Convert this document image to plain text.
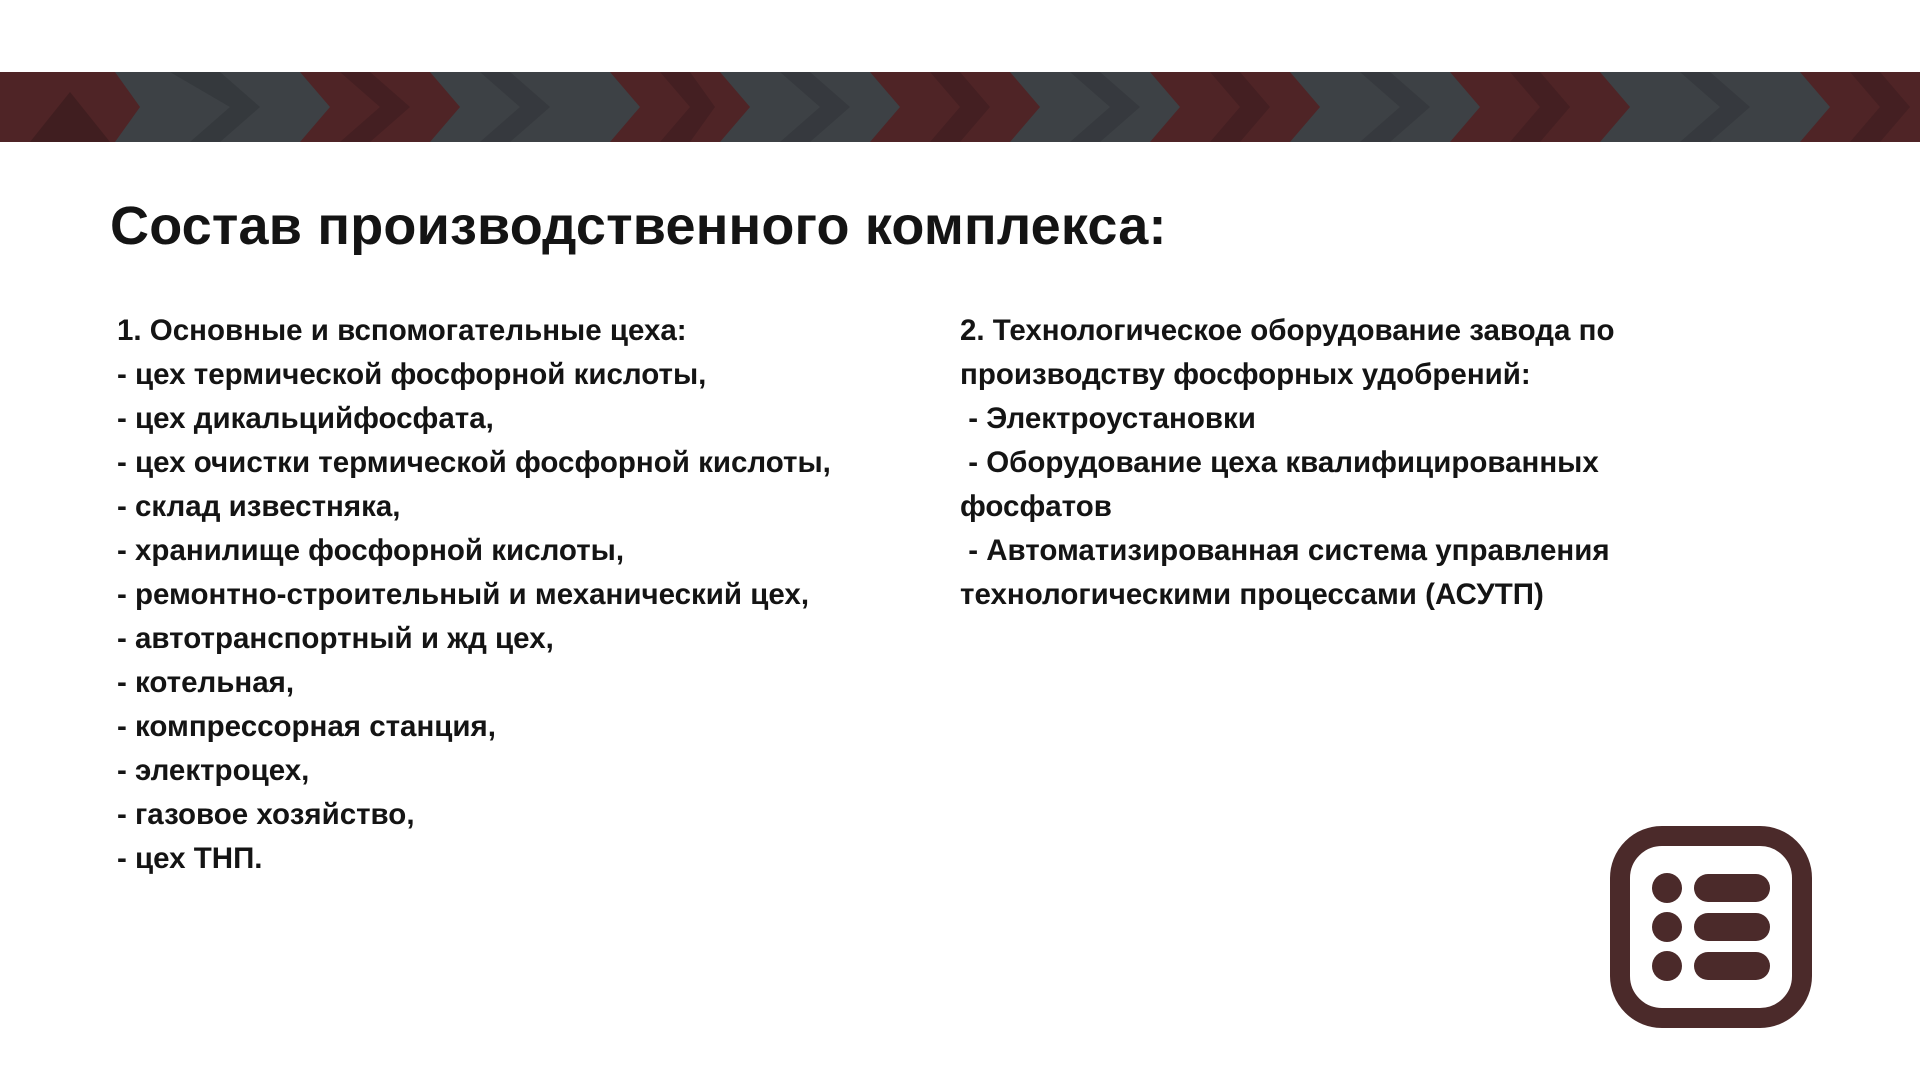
Состав производственного комплекса:
1. Основные и вспомогательные цеха:
- цех термической фосфорной кислоты,
- цех дикальцийфосфата,
- цех очистки термической фосфорной кислоты,
- склад известняка,
- хранилище фосфорной кислоты,
- ремонтно-строительный и механический цех,
- автотранспортный и жд цех,
- котельная,
- компрессорная станция,
- электроцех,
- газовое хозяйство,
- цех ТНП.
2. Технологическое оборудование завода по
производству фосфорных удобрений:
- Электроустановки
- Оборудование цеха квалифицированных
фосфатов
- Автоматизированная система управления
технологическими процессами (АСУТП)
